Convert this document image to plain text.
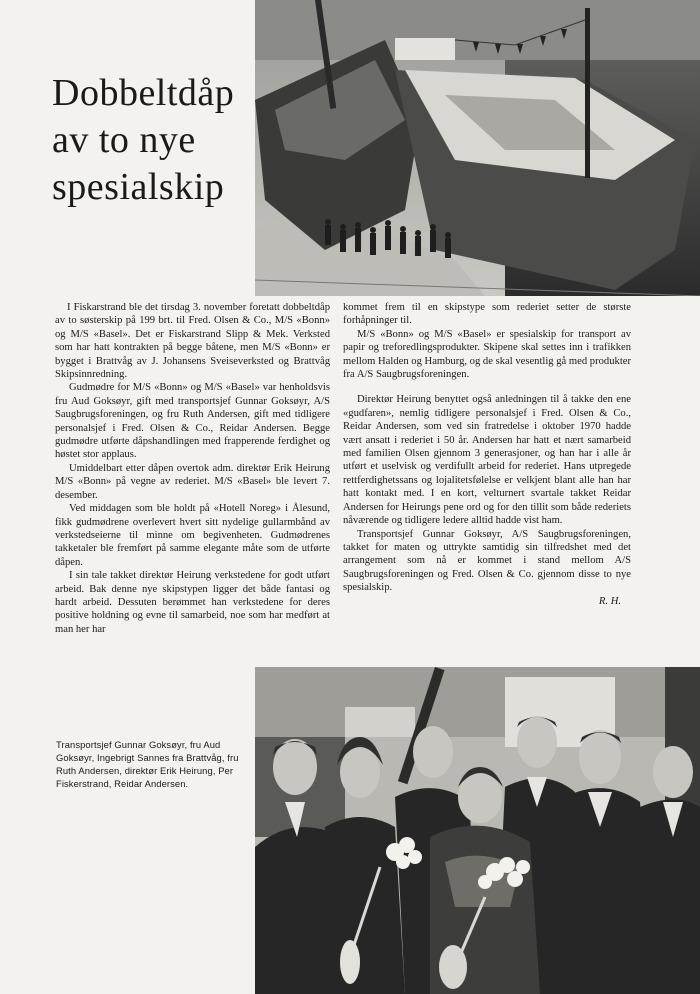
Dobbeltdåp
av to nye
spesialskip

I Fiskarstrand ble det tirsdag 3. november foretatt dobbeltdåp av to søsterskip på 199 brt. til Fred. Olsen & Co., M/S «Bonn» og M/S «Basel». Det er Fiskarstrand Slipp & Mek. Verksted som har hatt kontrakten på begge båtene, men M/S «Bonn» er bygget i Brattvåg av J. Johansens Sveiseverksted og Brattvåg Skipsinnredning.

Gudmødre for M/S «Bonn» og M/S «Basel» var henholdsvis fru Aud Goksøyr, gift med transportsjef Gunnar Goksøyr, A/S Saugbrugsforeningen, og fru Ruth Andersen, gift med tidligere personalsjef i Fred. Olsen & Co., Reidar Andersen. Begge gudmødre utførte dåpshandlingen med frapperende ferdighet og høstet stor applaus.

Umiddelbart etter dåpen overtok adm. direktør Erik Heirung M/S «Bonn» på vegne av rederiet. M/S «Basel» ble levert 7. desember.

Ved middagen som ble holdt på «Hotell Noreg» i Ålesund, fikk gudmødrene overlevert hvert sitt nydelige gullarmbånd av verkstedseierne til minne om begivenheten. Gudmødrenes takketaler ble fremført på samme elegante måte som de utførte dåpen.

I sin tale takket direktør Heirung verkstedene for godt utført arbeid. Bak denne nye skipstypen ligger det både fantasi og hardt arbeid. Dessuten berømmet han verkstedene for deres positive holdning og evne til samarbeid, noe som har medført at man her har

kommet frem til en skipstype som rederiet setter de største forhåpninger til.

M/S «Bonn» og M/S «Basel» er spesialskip for transport av papir og treforedlingsprodukter. Skipene skal settes inn i trafikken mellom Halden og Hamburg, og de skal vesentlig gå med produkter fra A/S Saugbrugsforeningen.

Direktør Heirung benyttet også anledningen til å takke den ene «gudfaren», nemlig tidligere personalsjef i Fred. Olsen & Co., Reidar Andersen, som ved sin fratredelse i oktober 1970 hadde vært ansatt i rederiet i 50 år. Andersen har hatt et nært samarbeid med familien Olsen gjennom 3 generasjoner, og han har i alle år utført et uselvisk og verdifullt arbeid for rederiet. Hans utpregede rettferdighetssans og lojalitetsfølelse er velkjent blant alle han har hatt kontakt med. I en kort, velturnert svartale takket Reidar Andersen for Heirungs pene ord og for den tillit som både rederiets nåværende og tidligere ledere alltid hadde vist ham.

Transportsjef Gunnar Goksøyr, A/S Saugbrugsforeningen, takket for maten og uttrykte samtidig sin tilfredshet med det arrangement som nå er kommet i stand mellom A/S Saugbrugsforeningen og Fred. Olsen & Co. gjennom disse to nye spesialskip.

R. H.

Transportsjef Gunnar Goksøyr, fru Aud Goksøyr, Ingebrigt Sannes fra Brattvåg, fru Ruth Andersen, direktør Erik Heirung, Per Fiskerstrand, Reidar Andersen.
